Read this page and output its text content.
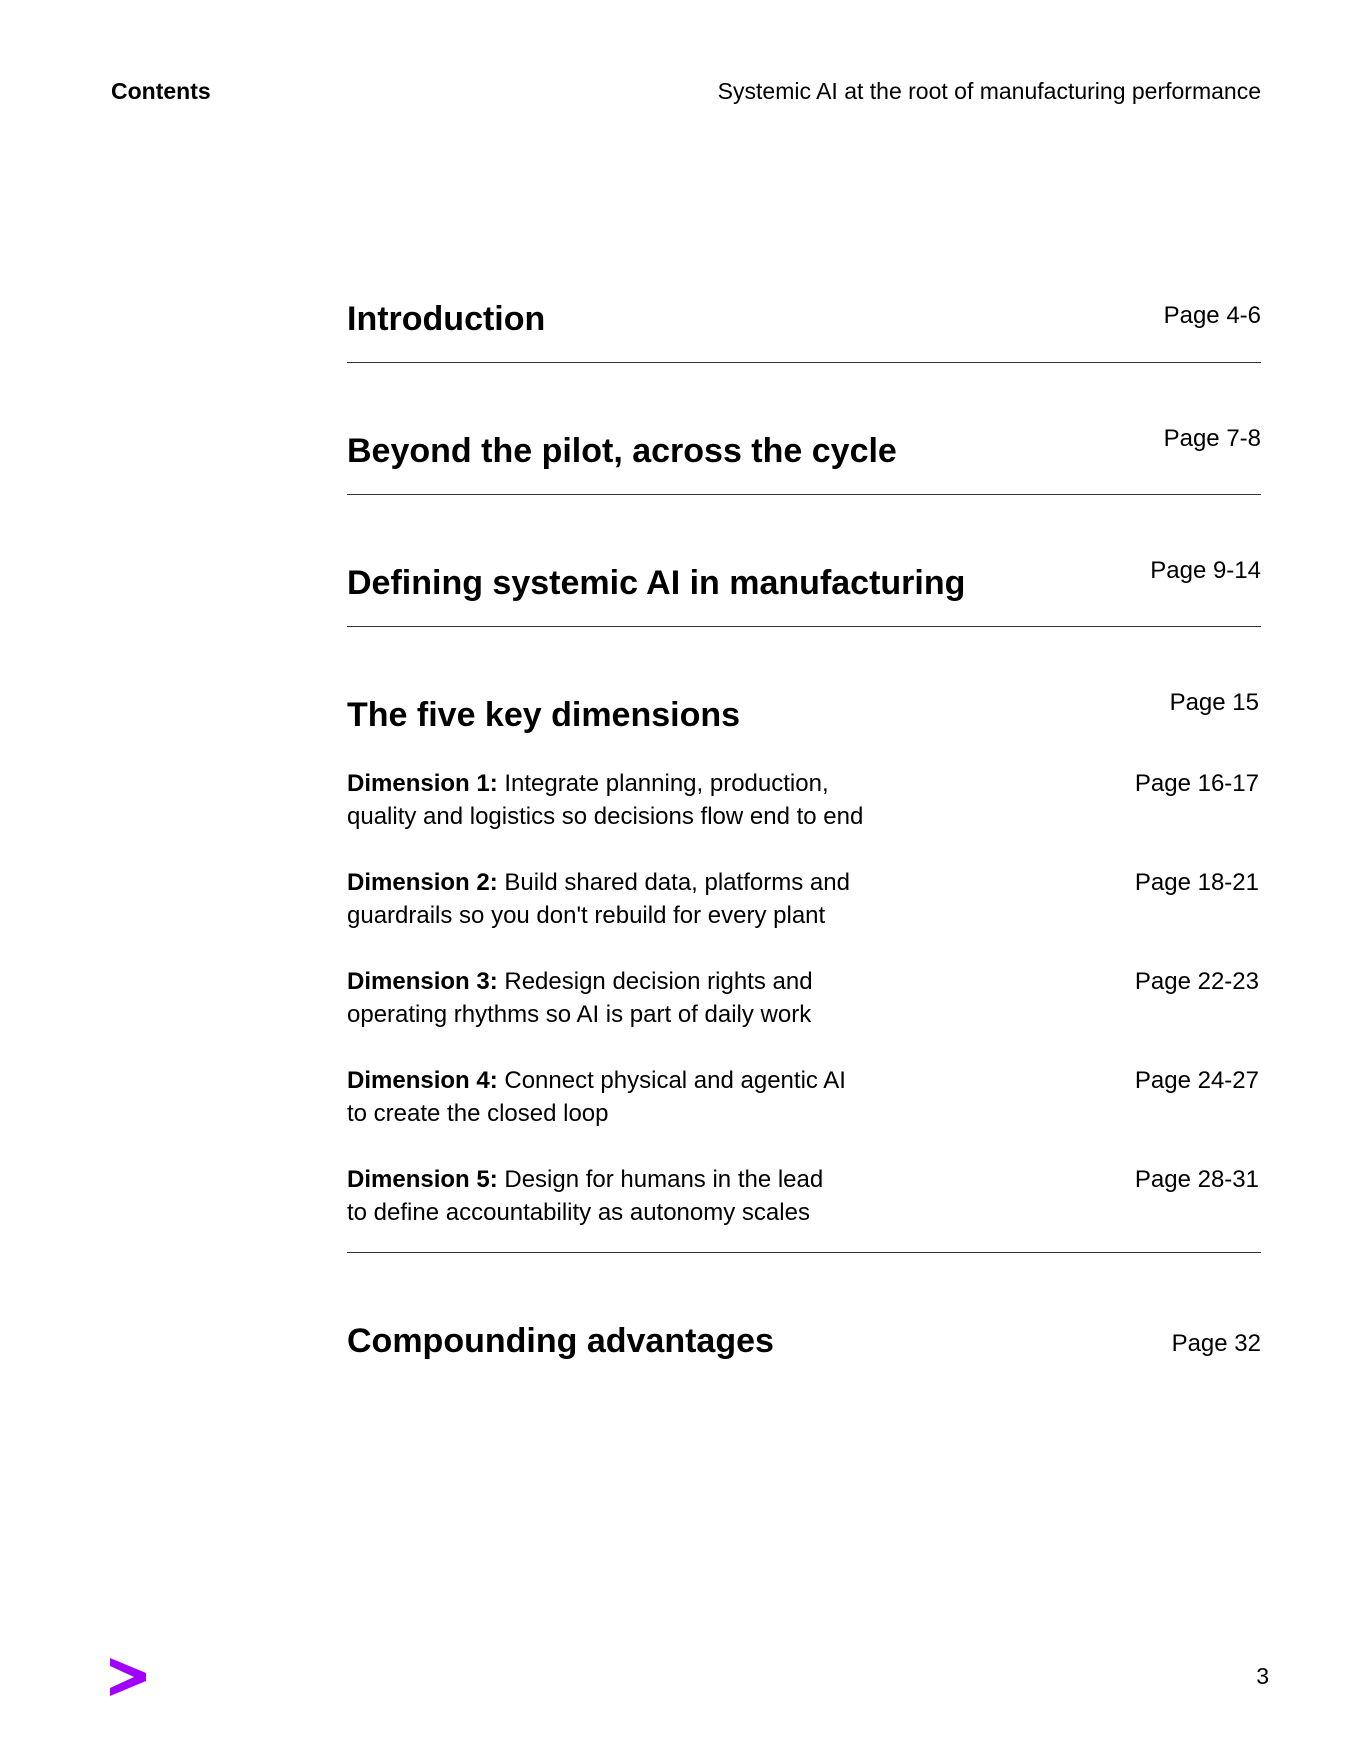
Contents	Systemic AI at the root of manufacturing performance
Introduction	Page 4-6
Beyond the pilot, across the cycle	Page 7-8
Defining systemic AI in manufacturing	Page 9-14
The five key dimensions	Page 15
Dimension 1: Integrate planning, production,
quality and logistics so decisions flow end to end
Page 16-17
Dimension 2: Build shared data, platforms and
guardrails so you don't rebuild for every plant
Page 18-21
Dimension 3: Redesign decision rights and
operating rhythms so AI is part of daily work
Page 22-23
Dimension 4: Connect physical and agentic AI
to create the closed loop
Page 24-27
Dimension 5: Design for humans in the lead
to define accountability as autonomy scales
Page 28-31
Compounding advantages	Page 32
3
